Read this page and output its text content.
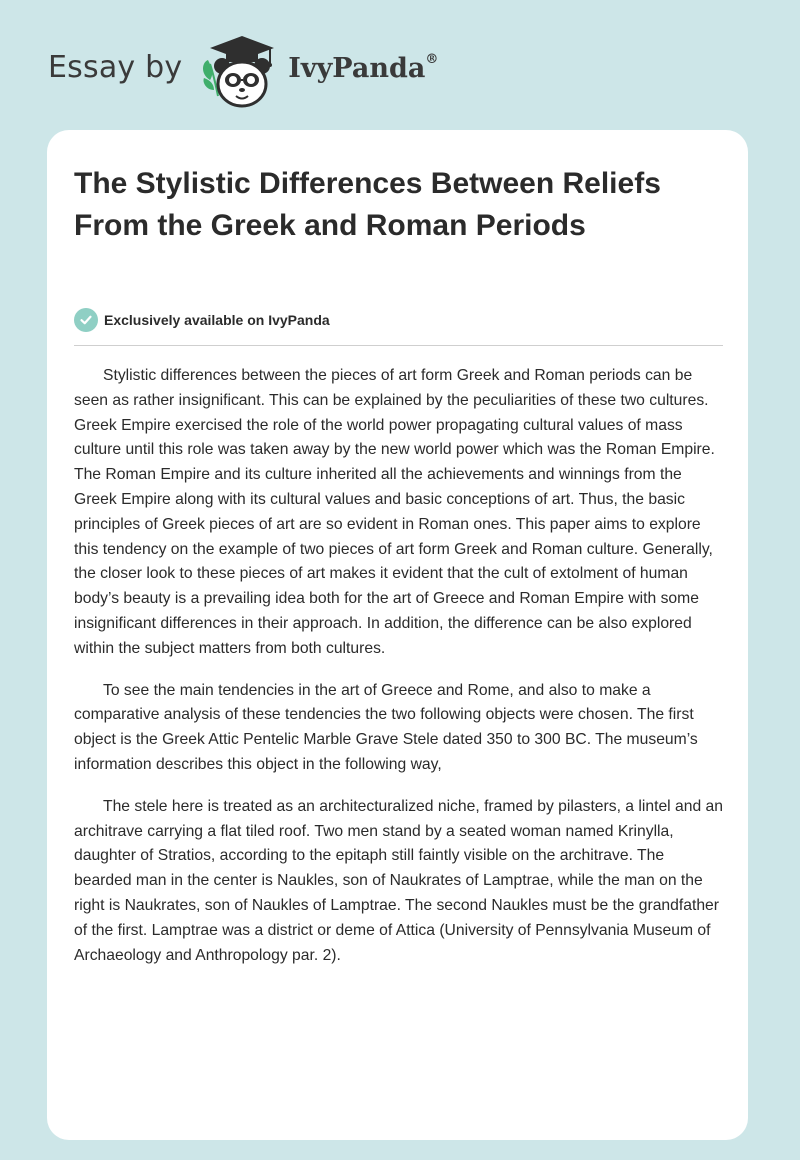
Essay by	IvyPanda®
The Stylistic Differences Between Reliefs From the Greek and Roman Periods
Exclusively available on IvyPanda

Stylistic differences between the pieces of art form Greek and Roman periods can be seen as rather insignificant. This can be explained by the peculiarities of these two cultures. Greek Empire exercised the role of the world power propagating cultural values of mass culture until this role was taken away by the new world power which was the Roman Empire. The Roman Empire and its culture inherited all the achievements and winnings from the Greek Empire along with its cultural values and basic conceptions of art. Thus, the basic principles of Greek pieces of art are so evident in Roman ones. This paper aims to explore this tendency on the example of two pieces of art form Greek and Roman culture. Generally, the closer look to these pieces of art makes it evident that the cult of extolment of human body’s beauty is a prevailing idea both for the art of Greece and Roman Empire with some insignificant differences in their approach. In addition, the difference can be also explored within the subject matters from both cultures.

To see the main tendencies in the art of Greece and Rome, and also to make a comparative analysis of these tendencies the two following objects were chosen. The first object is the Greek Attic Pentelic Marble Grave Stele dated 350 to 300 BC. The museum’s information describes this object in the following way,

The stele here is treated as an architecturalized niche, framed by pilasters, a lintel and an architrave carrying a flat tiled roof. Two men stand by a seated woman named Krinylla, daughter of Stratios, according to the epitaph still faintly visible on the architrave. The bearded man in the center is Naukles, son of Naukrates of Lamptrae, while the man on the right is Naukrates, son of Naukles of Lamptrae. The second Naukles must be the grandfather of the first. Lamptrae was a district or deme of Attica (University of Pennsylvania Museum of Archaeology and Anthropology par. 2).
